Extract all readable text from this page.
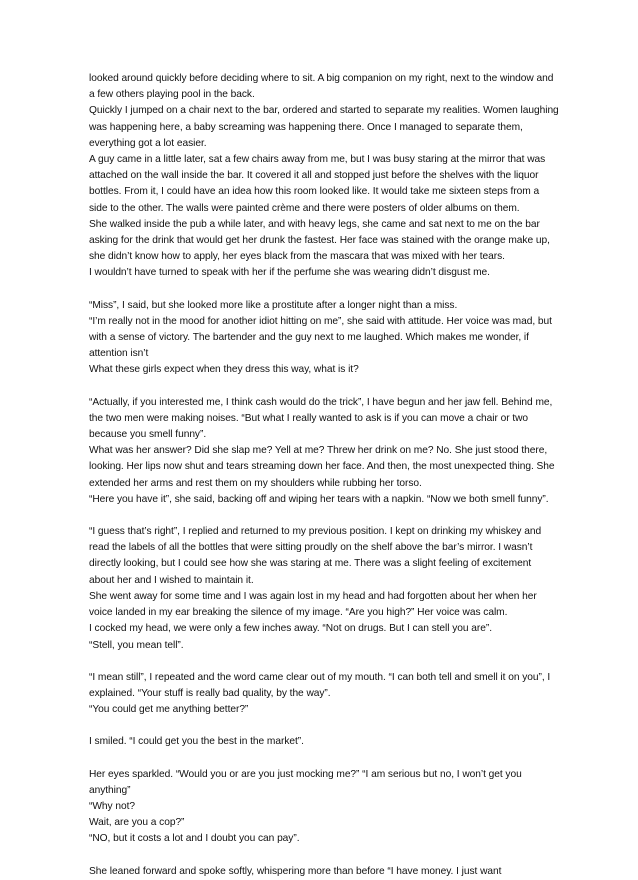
looked around quickly before deciding where to sit. A big companion on my right, next to the window and a few others playing pool in the back.

Quickly I jumped on a chair next to the bar, ordered and started to separate my realities. Women laughing was happening here, a baby screaming was happening there. Once I managed to separate them, everything got a lot easier.

A guy came in a little later, sat a few chairs away from me, but I was busy staring at the mirror that was attached on the wall inside the bar. It covered it all and stopped just before the shelves with the liquor bottles. From it, I could have an idea how this room looked like. It would take me sixteen steps from a side to the other. The walls were painted crème and there were posters of older albums on them.

She walked inside the pub a while later, and with heavy legs, she came and sat next to me on the bar asking for the drink that would get her drunk the fastest. Her face was stained with the orange make up, she didn’t know how to apply, her eyes black from the mascara that was mixed with her tears.

I wouldn’t have turned to speak with her if the perfume she was wearing didn’t disgust me.

“Miss”, I said, but she looked more like a prostitute after a longer night than a miss.

“I’m really not in the mood for another idiot hitting on me”, she said with attitude. Her voice was mad, but with a sense of victory. The bartender and the guy next to me laughed. Which makes me wonder, if attention isn’t

What these girls expect when they dress this way, what is it?

“Actually, if you interested me, I think cash would do the trick”, I have begun and her jaw fell. Behind me, the two men were making noises. “But what I really wanted to ask is if you can move a chair or two because you smell funny”.

What was her answer? Did she slap me? Yell at me? Threw her drink on me? No. She just stood there, looking. Her lips now shut and tears streaming down her face. And then, the most unexpected thing. She extended her arms and rest them on my shoulders while rubbing her torso.

“Here you have it”, she said, backing off and wiping her tears with a napkin. “Now we both smell funny”.

“I guess that’s right”, I replied and returned to my previous position. I kept on drinking my whiskey and read the labels of all the bottles that were sitting proudly on the shelf above the bar’s mirror. I wasn’t directly looking, but I could see how she was staring at me. There was a slight feeling of excitement about her and I wished to maintain it.

She went away for some time and I was again lost in my head and had forgotten about her when her voice landed in my ear breaking the silence of my image. “Are you high?” Her voice was calm.

I cocked my head, we were only a few inches away. “Not on drugs. But I can stell you are”.

“Stell, you mean tell”.

“I mean still”, I repeated and the word came clear out of my mouth. “I can both tell and smell it on you”, I explained. “Your stuff is really bad quality, by the way”.

“You could get me anything better?”

I smiled. “I could get you the best in the market”.

Her eyes sparkled. “Would you or are you just mocking me?” “I am serious but no, I won’t get you anything”

“Why not?

Wait, are you a cop?”

“NO, but it costs a lot and I doubt you can pay”.

She leaned forward and spoke softly, whispering more than before “I have money. I just want
